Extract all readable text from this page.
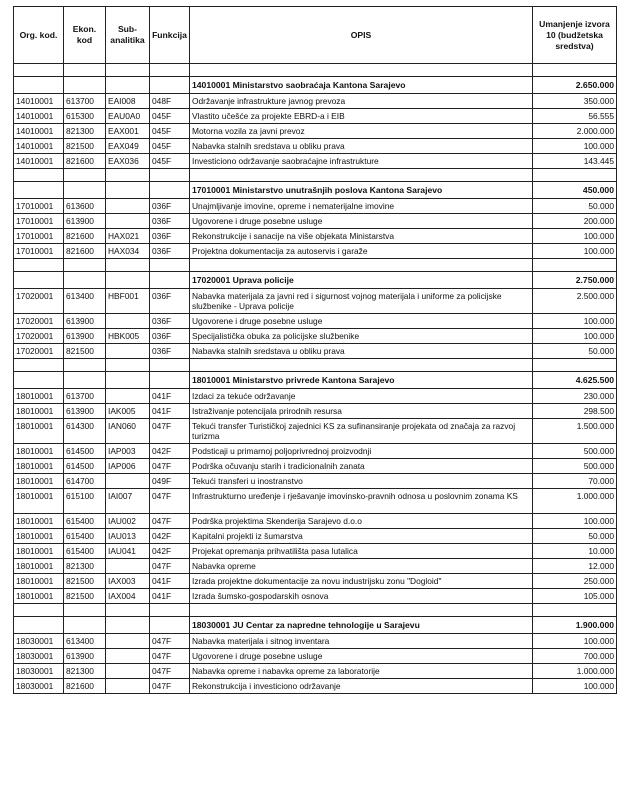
Org. kod.	Ekon. kod	Sub-analitika	Funkcija	OPIS	Umanjenje izvora 10 (budžetska sredstva)

				14010001 Ministarstvo saobraćaja Kantona Sarajevo	2.650.000
14010001	613700	EAI008	048F	Održavanje infrastrukture javnog prevoza	350.000
14010001	615300	EAU0A0	045F	Vlastito učešće za projekte EBRD-a i EIB	56.555
14010001	821300	EAX001	045F	Motorna vozila za javni prevoz	2.000.000
14010001	821500	EAX049	045F	Nabavka stalnih sredstava u obliku prava	100.000
14010001	821600	EAX036	045F	Investiciono održavanje saobraćajne infrastrukture	143.445

				17010001 Ministarstvo unutrašnjih poslova Kantona Sarajevo	450.000
17010001	613600		036F	Unajmljivanje imovine, opreme i nematerijalne imovine	50.000
17010001	613900		036F	Ugovorene i druge posebne usluge	200.000
17010001	821600	HAX021	036F	Rekonstrukcije i sanacije na više objekata Ministarstva	100.000
17010001	821600	HAX034	036F	Projektna dokumentacija za autoservis i garaže	100.000

				17020001 Uprava policije	2.750.000
17020001	613400	HBF001	036F	Nabavka materijala za javni red i sigurnost vojnog materijala i uniforme za policijske službenike - Uprava policije	2.500.000
17020001	613900		036F	Ugovorene i druge posebne usluge	100.000
17020001	613900	HBK005	036F	Specijalistička obuka za policijske službenike	100.000
17020001	821500		036F	Nabavka stalnih sredstava u obliku prava	50.000

				18010001 Ministarstvo privrede Kantona Sarajevo	4.625.500
18010001	613700		041F	Izdaci za tekuće održavanje	230.000
18010001	613900	IAK005	041F	Istraživanje potencijala prirodnih resursa	298.500
18010001	614300	IAN060	047F	Tekući transfer Turističkoj zajednici KS za sufinansiranje projekata od značaja za razvoj turizma	1.500.000
18010001	614500	IAP003	042F	Podsticaji u primarnoj poljoprivrednoj proizvodnji	500.000
18010001	614500	IAP006	047F	Podrška očuvanju starih i tradicionalnih zanata	500.000
18010001	614700		049F	Tekući transferi u inostranstvo	70.000
18010001	615100	IAI007	047F	Infrastrukturno uređenje i rješavanje imovinsko-pravnih odnosa u poslovnim zonama KS	1.000.000
18010001	615400	IAU002	047F	Podrška projektima Skenderija Sarajevo d.o.o	100.000
18010001	615400	IAU013	042F	Kapitalni projekti iz šumarstva	50.000
18010001	615400	IAU041	042F	Projekat opremanja prihvatilišta pasa lutalica	10.000
18010001	821300		047F	Nabavka opreme	12.000
18010001	821500	IAX003	041F	Izrada projektne dokumentacije za novu industrijsku zonu "Dogloid"	250.000
18010001	821500	IAX004	041F	Izrada šumsko-gospodarskih osnova	105.000

				18030001 JU Centar za napredne tehnologije u Sarajevu	1.900.000
18030001	613400		047F	Nabavka materijala i sitnog inventara	100.000
18030001	613900		047F	Ugovorene i druge posebne usluge	700.000
18030001	821300		047F	Nabavka opreme i nabavka opreme za laboratorije	1.000.000
18030001	821600		047F	Rekonstrukcija i investiciono održavanje	100.000
